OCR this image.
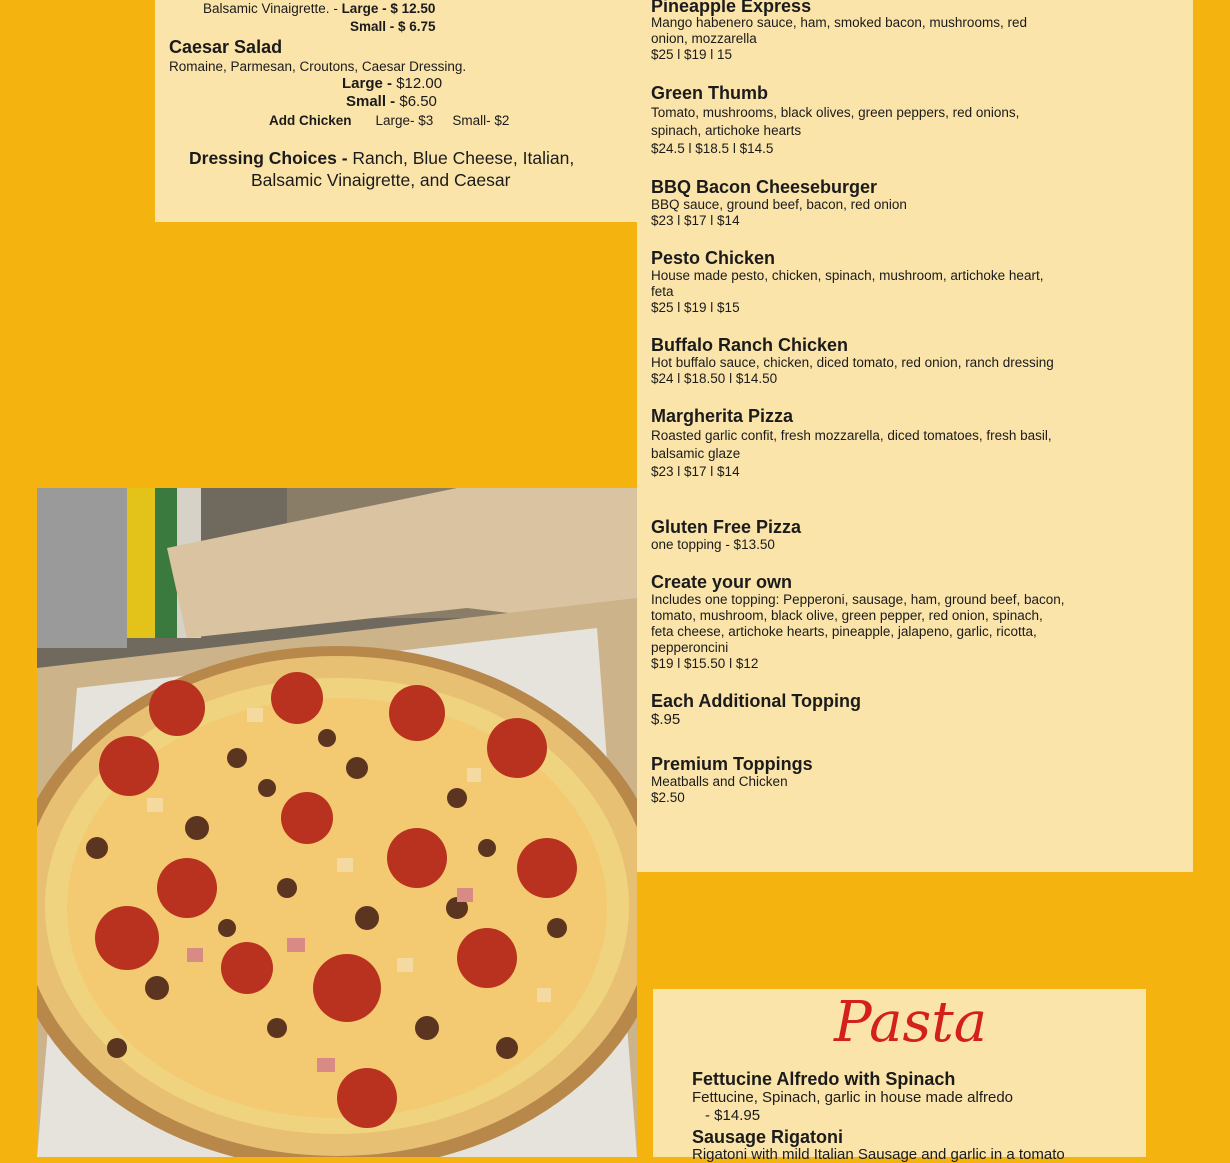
Balsamic Vinaigrette. - Large - $ 12.50
Small - $ 6.75
Caesar Salad
Romaine, Parmesan, Croutons, Caesar Dressing.
Large - $12.00
Small - $6.50
Add Chicken Large- $3 Small- $2
Dressing Choices - Ranch, Blue Cheese, Italian,
Balsamic Vinaigrette, and Caesar
Pineapple Express
Mango habenero sauce, ham, smoked bacon, mushrooms, red
onion, mozzarella
$25 l $19 l 15
Green Thumb
Tomato, mushrooms, black olives, green peppers, red onions,
spinach, artichoke hearts
$24.5 l $18.5 l $14.5
BBQ Bacon Cheeseburger
BBQ sauce, ground beef, bacon, red onion
$23 l $17 l $14
Pesto Chicken
House made pesto, chicken, spinach, mushroom, artichoke heart,
feta
$25 l $19 l $15
Buffalo Ranch Chicken
Hot buffalo sauce, chicken, diced tomato, red onion, ranch dressing
$24 l $18.50 l $14.50
Margherita Pizza
Roasted garlic confit, fresh mozzarella, diced tomatoes, fresh basil,
balsamic glaze
$23 l $17 l $14
Gluten Free Pizza
one topping - $13.50
Create your own
Includes one topping: Pepperoni, sausage, ham, ground beef, bacon,
tomato, mushroom, black olive, green pepper, red onion, spinach,
feta cheese, artichoke hearts, pineapple, jalapeno, garlic, ricotta,
pepperoncini
$19 l $15.50 l $12
Each Additional Topping
$.95
Premium Toppings
Meatballs and Chicken
$2.50
Pasta
Fettucine Alfredo with Spinach
Fettucine, Spinach, garlic in house made alfredo
- $14.95
Sausage Rigatoni
Rigatoni with mild Italian Sausage and garlic in a tomato
